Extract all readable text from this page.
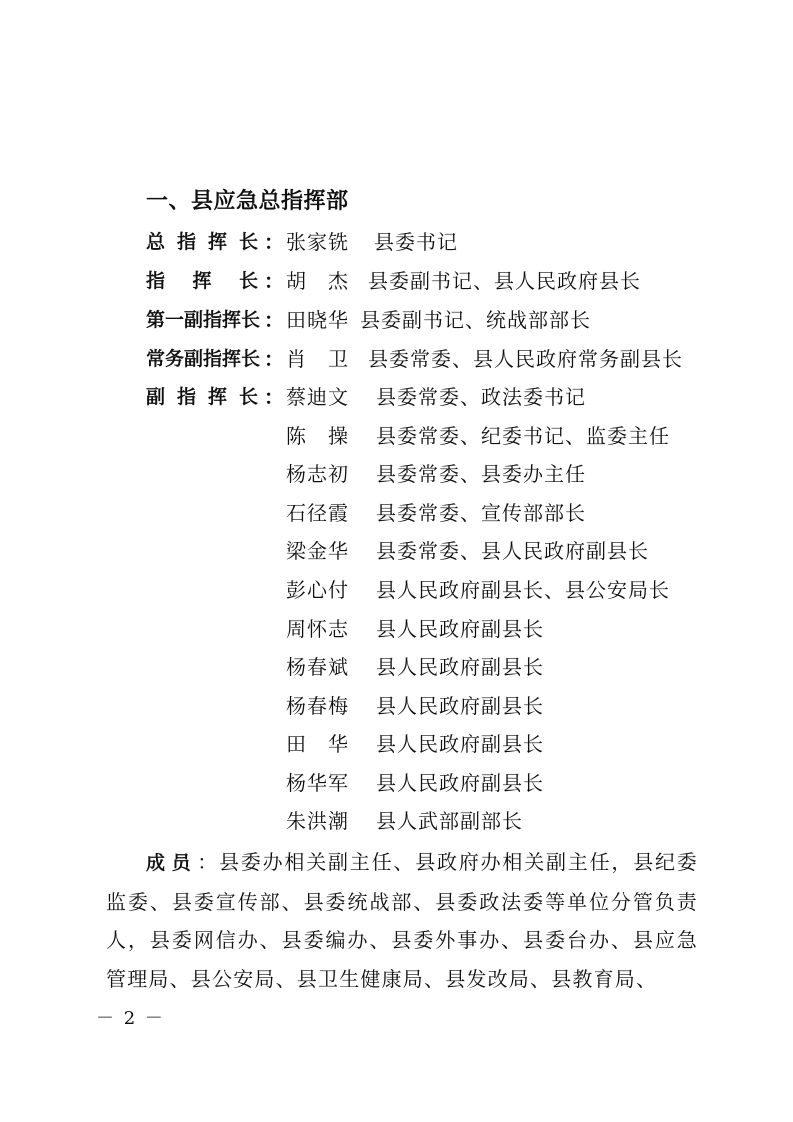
一、县应急总指挥部
总指挥长 ： 张家铣 县委书记
指挥长 ： 胡　杰 县委副书记、县人民政府县长
第一副指挥长 ： 田晓华 县委副书记、统战部部长
常务副指挥长 ： 肖　卫 县委常委、县人民政府常务副县长
副指挥长 ： 蔡迪文 县委常委、政法委书记
陈　操 县委常委、纪委书记、监委主任
杨志初 县委常委、县委办主任
石径霞 县委常委、宣传部部长
梁金华 县委常委、县人民政府副县长
彭心付 县人民政府副县长、县公安局长
周怀志 县人民政府副县长
杨春斌 县人民政府副县长
杨春梅 县人民政府副县长
田　华 县人民政府副县长
杨华军 县人民政府副县长
朱洪潮 县人武部副部长
成员：县委办相关副主任、县政府办相关副主任，县纪委监委、县委宣传部、县委统战部、县委政法委等单位分管负责人，县委网信办、县委编办、县委外事办、县委台办、县应急管理局、县公安局、县卫生健康局、县发改局、县教育局、
－ 2 －
